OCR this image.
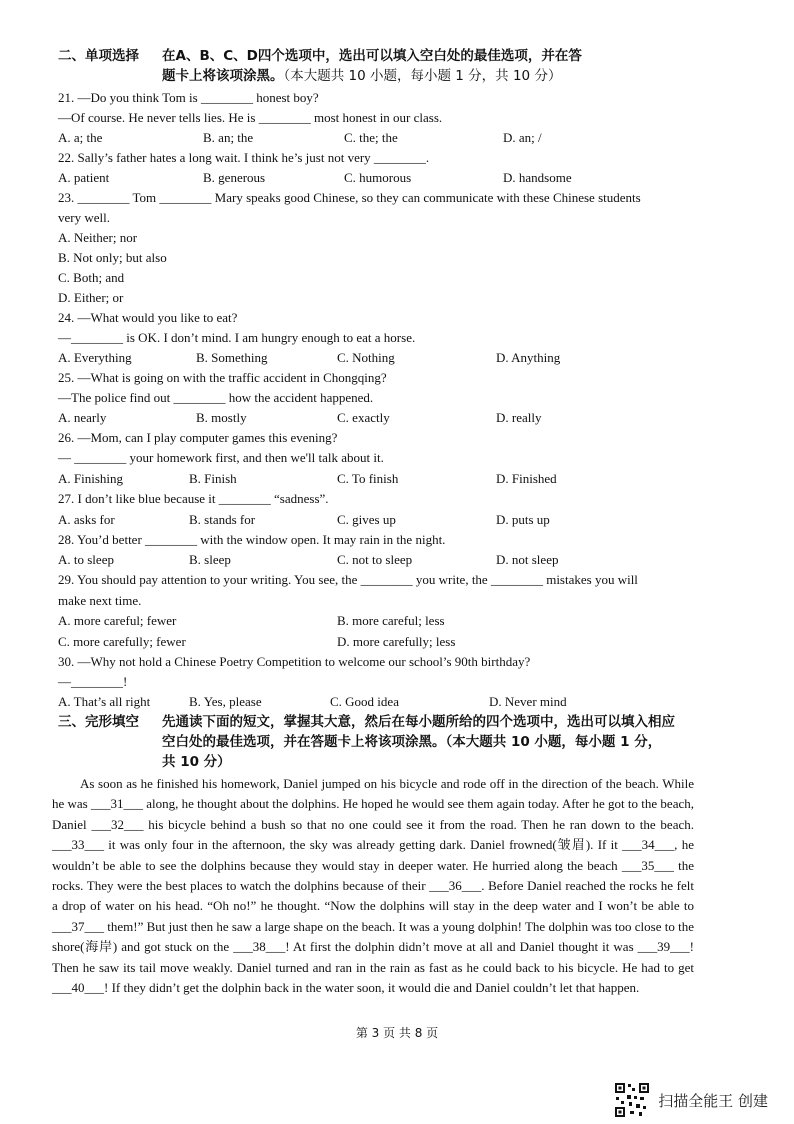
二、单项选择 在A、B、C、D四个选项中，选出可以填入空白处的最佳选项，并在答
题卡上将该项涂黑。（本大题共 10 小题，每小题 1 分，共 10 分）
21. —Do you think Tom is ________ honest boy?
—Of course. He never tells lies. He is ________ most honest in our class.
A. a; the	B. an; the	C. the; the	D. an; /
22. Sally’s father hates a long wait. I think he’s just not very ________.
A. patient	B. generous	C. humorous	D. handsome
23. ________ Tom ________ Mary speaks good Chinese, so they can communicate with these Chinese students
very well.
A. Neither; nor
B. Not only; but also
C. Both; and
D. Either; or
24. —What would you like to eat?
—________ is OK. I don’t mind. I am hungry enough to eat a horse.
A. Everything	B. Something	C. Nothing	D. Anything
25. —What is going on with the traffic accident in Chongqing?
—The police find out ________ how the accident happened.
A. nearly	B. mostly	C. exactly	D. really
26. —Mom, can I play computer games this evening?
— ________ your homework first, and then we'll talk about it.
A. Finishing	B. Finish	C. To finish	D. Finished
27. I don’t like blue because it ________ “sadness”.
A. asks for	B. stands for	C. gives up	D. puts up
28. You’d better ________ with the window open. It may rain in the night.
A. to sleep	B. sleep	C. not to sleep	D. not sleep
29. You should pay attention to your writing. You see, the ________ you write, the ________ mistakes you will
make next time.
A. more careful; fewer	B. more careful; less
C. more carefully; fewer	D. more carefully; less
30. —Why not hold a Chinese Poetry Competition to welcome our school’s 90th birthday?
—________!
A. That’s all right	B. Yes, please	C. Good idea	D. Never mind
三、完形填空 先通读下面的短文，掌握其大意，然后在每小题所给的四个选项中，选出可以填入相应
空白处的最佳选项，并在答题卡上将该项涂黑。（本大题共 10 小题，每小题 1 分，
共 10 分）

As soon as he finished his homework, Daniel jumped on his bicycle and rode off in the direction of the beach. While he was ___31___ along, he thought about the dolphins. He hoped he would see them again today. After he got to the beach, Daniel ___32___ his bicycle behind a bush so that no one could see it from the road. Then he ran down to the beach. ___33___ it was only four in the afternoon, the sky was already getting dark. Daniel frowned(皱眉). If it ___34___, he wouldn’t be able to see the dolphins because they would stay in deeper water. He hurried along the beach ___35___ the rocks. They were the best places to watch the dolphins because of their ___36___. Before Daniel reached the rocks he felt a drop of water on his head. “Oh no!” he thought. “Now the dolphins will stay in the deep water and I won’t be able to ___37___ them!” But just then he saw a large shape on the beach. It was a young dolphin! The dolphin was too close to the shore(海岸) and got stuck on the ___38___! At first the dolphin didn’t move at all and Daniel thought it was ___39___! Then he saw its tail move weakly. Daniel turned and ran in the rain as fast as he could back to his bicycle. He had to get ___40___! If they didn’t get the dolphin back in the water soon, it would die and Daniel couldn’t let that happen.

第 3 页 共 8 页
扫描全能王 创建
